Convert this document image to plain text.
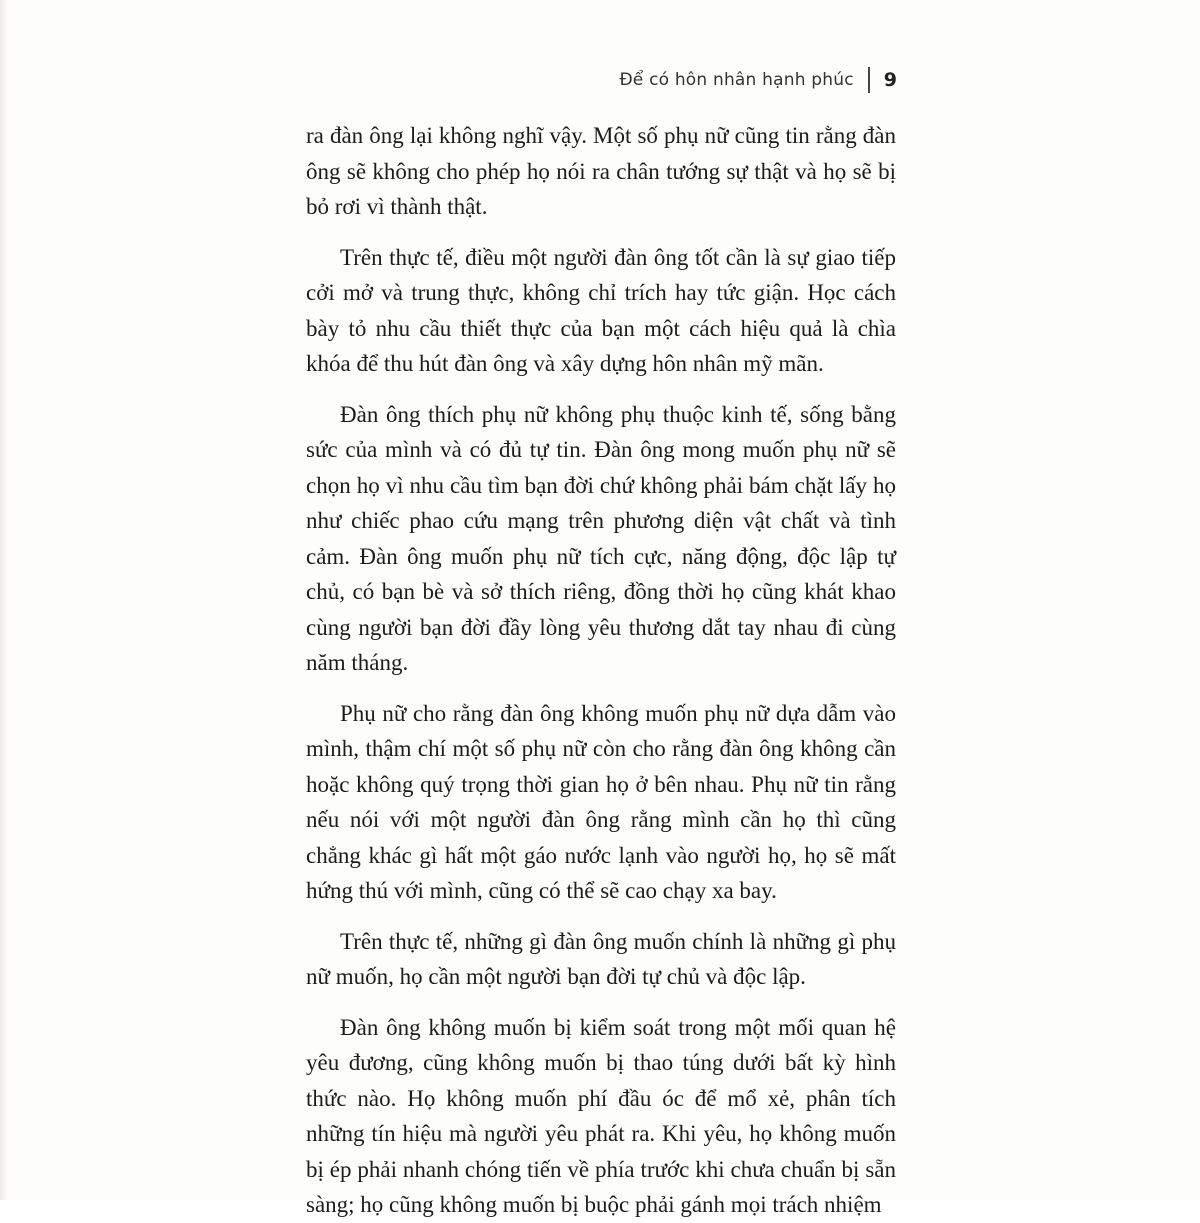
Để có hôn nhân hạnh phúc 9

ra đàn ông lại không nghĩ vậy. Một số phụ nữ cũng tin rằng đàn ông sẽ không cho phép họ nói ra chân tướng sự thật và họ sẽ bị bỏ rơi vì thành thật.

Trên thực tế, điều một người đàn ông tốt cần là sự giao tiếp cởi mở và trung thực, không chỉ trích hay tức giận. Học cách bày tỏ nhu cầu thiết thực của bạn một cách hiệu quả là chìa khóa để thu hút đàn ông và xây dựng hôn nhân mỹ mãn.

Đàn ông thích phụ nữ không phụ thuộc kinh tế, sống bằng sức của mình và có đủ tự tin. Đàn ông mong muốn phụ nữ sẽ chọn họ vì nhu cầu tìm bạn đời chứ không phải bám chặt lấy họ như chiếc phao cứu mạng trên phương diện vật chất và tình cảm. Đàn ông muốn phụ nữ tích cực, năng động, độc lập tự chủ, có bạn bè và sở thích riêng, đồng thời họ cũng khát khao cùng người bạn đời đầy lòng yêu thương dắt tay nhau đi cùng năm tháng.

Phụ nữ cho rằng đàn ông không muốn phụ nữ dựa dẫm vào mình, thậm chí một số phụ nữ còn cho rằng đàn ông không cần hoặc không quý trọng thời gian họ ở bên nhau. Phụ nữ tin rằng nếu nói với một người đàn ông rằng mình cần họ thì cũng chẳng khác gì hất một gáo nước lạnh vào người họ, họ sẽ mất hứng thú với mình, cũng có thể sẽ cao chạy xa bay.

Trên thực tế, những gì đàn ông muốn chính là những gì phụ nữ muốn, họ cần một người bạn đời tự chủ và độc lập.

Đàn ông không muốn bị kiểm soát trong một mối quan hệ yêu đương, cũng không muốn bị thao túng dưới bất kỳ hình thức nào. Họ không muốn phí đầu óc để mổ xẻ, phân tích những tín hiệu mà người yêu phát ra. Khi yêu, họ không muốn bị ép phải nhanh chóng tiến về phía trước khi chưa chuẩn bị sẵn sàng; họ cũng không muốn bị buộc phải gánh mọi trách nhiệm
